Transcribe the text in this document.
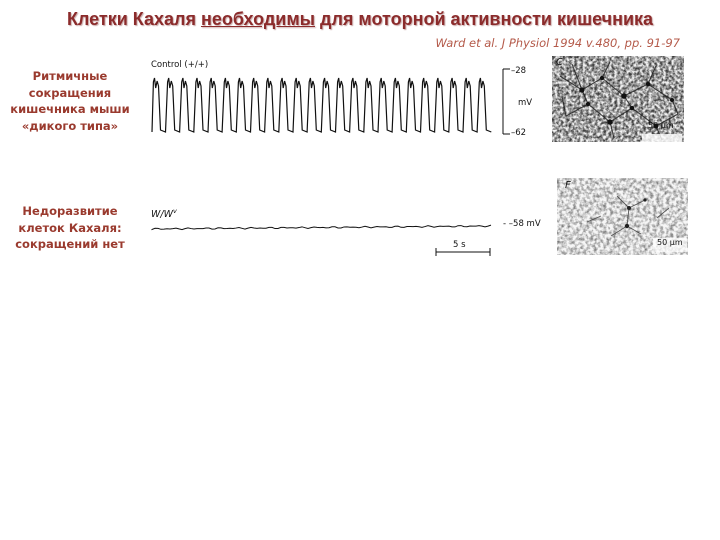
Клетки Кахаля необходимы для моторной активности кишечника
Ward et al. J Physiol 1994 v.480, pp. 91-97
Ритмичные сокращения кишечника мыши «дикого типа»
Недоразвитие клеток Кахаля: сокращений нет
Control (+/+)
–28
mV
–62
C
50 μm
$W/W^v$
- –58 mV
5 s
F
50 μm
